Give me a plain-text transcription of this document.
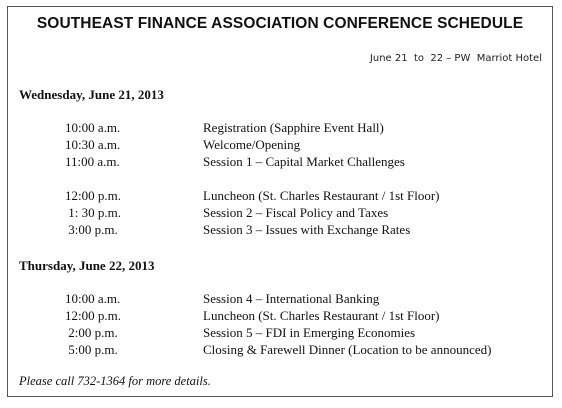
SOUTHEAST FINANCE ASSOCIATION CONFERENCE SCHEDULE
June 21  to  22 – PW  Marriot Hotel
Wednesday, June 21, 2013
10:00 a.m.	Registration (Sapphire Event Hall)
10:30 a.m.	Welcome/Opening
11:00 a.m.	Session 1 – Capital Market Challenges
12:00 p.m.	Luncheon (St. Charles Restaurant / 1st Floor)
1: 30 p.m.	Session 2 – Fiscal Policy and Taxes
3:00 p.m.	Session 3 – Issues with Exchange Rates
Thursday, June 22, 2013
10:00 a.m.	Session 4 – International Banking
12:00 p.m.	Luncheon (St. Charles Restaurant / 1st Floor)
2:00 p.m.	Session 5 – FDI in Emerging Economies
5:00 p.m.	Closing & Farewell Dinner (Location to be announced)
Please call 732-1364 for more details.
